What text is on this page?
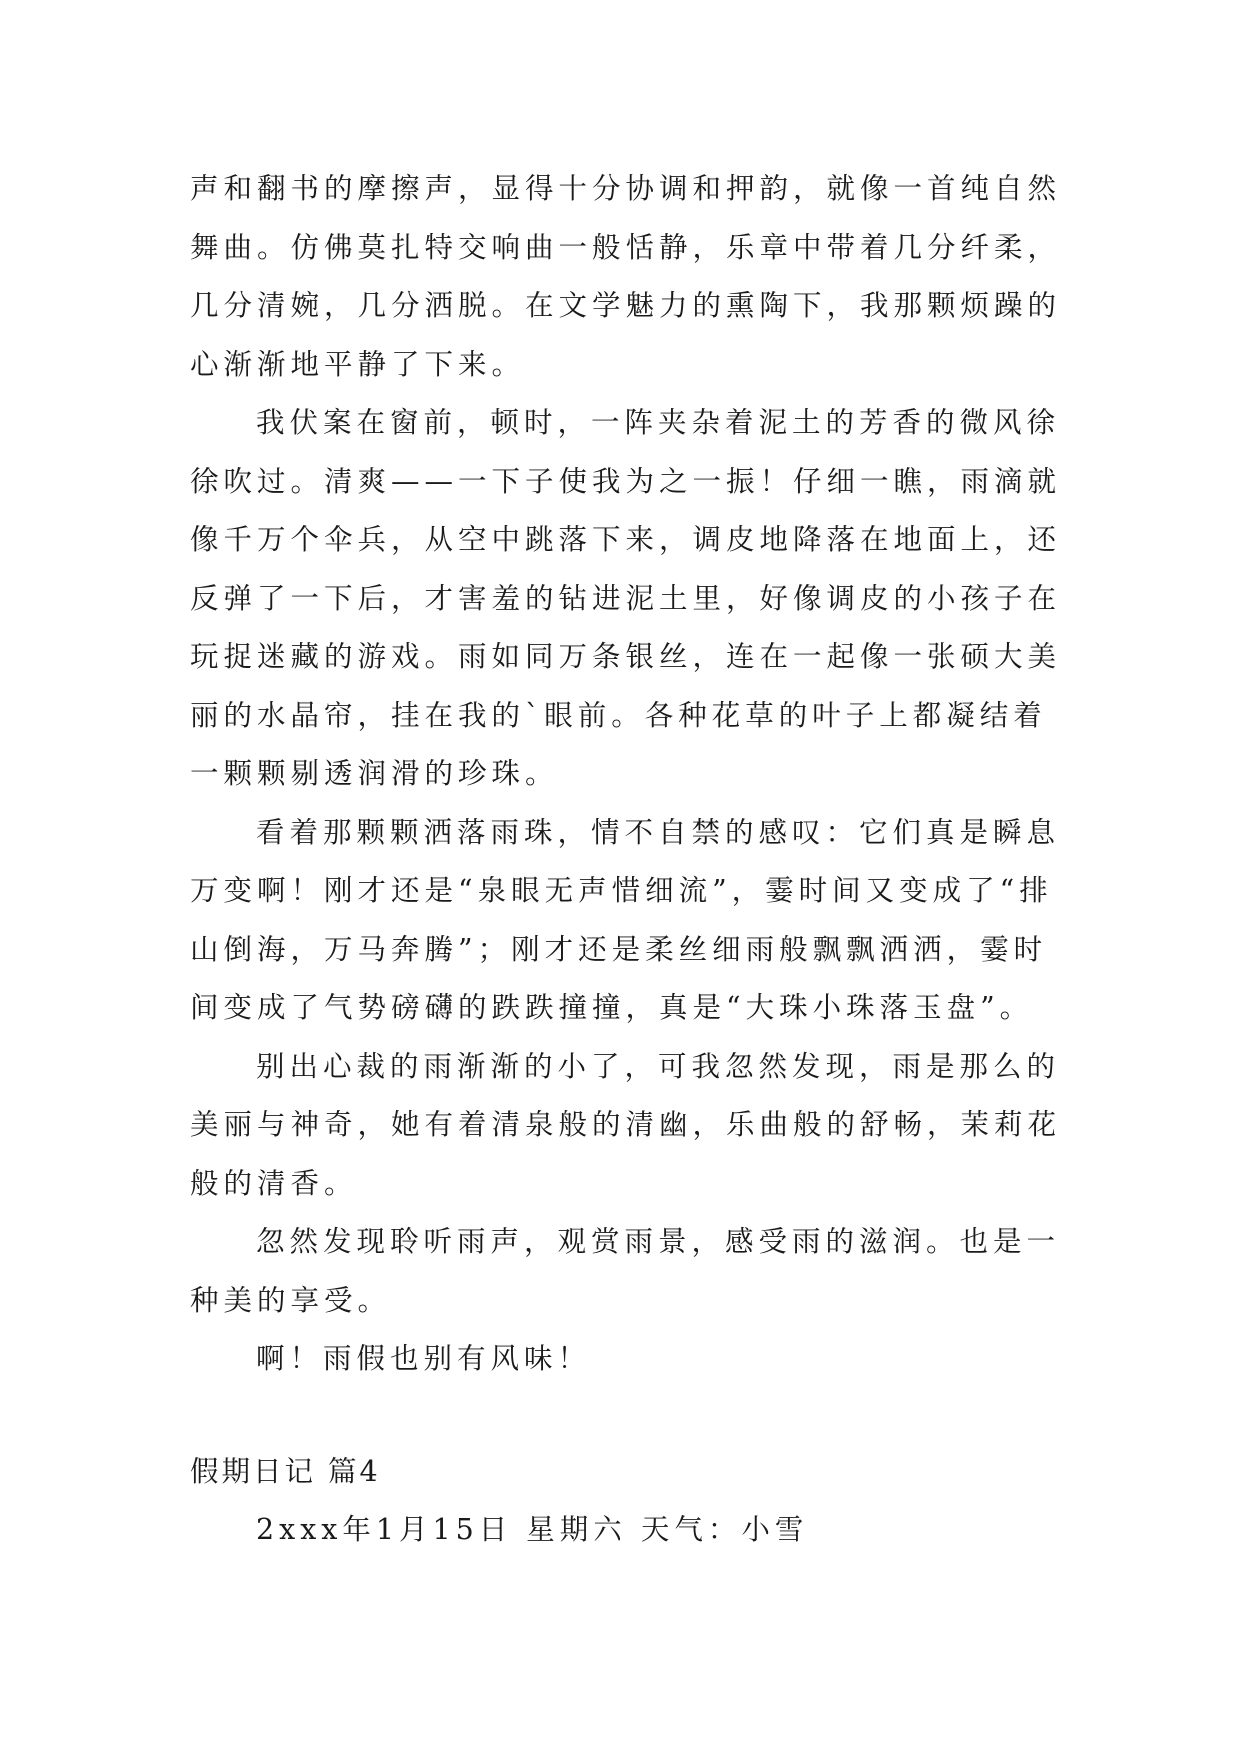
声和翻书的摩擦声，显得十分协调和押韵，就像一首纯自然
舞曲。仿佛莫扎特交响曲一般恬静，乐章中带着几分纤柔，
几分清婉，几分洒脱。在文学魅力的熏陶下，我那颗烦躁的
心渐渐地平静了下来。
我伏案在窗前，顿时，一阵夹杂着泥土的芳香的微风徐
徐吹过。清爽——一下子使我为之一振！仔细一瞧，雨滴就
像千万个伞兵，从空中跳落下来，调皮地降落在地面上，还
反弹了一下后，才害羞的钻进泥土里，好像调皮的小孩子在
玩捉迷藏的游戏。雨如同万条银丝，连在一起像一张硕大美
丽的水晶帘，挂在我的`眼前。各种花草的叶子上都凝结着
一颗颗剔透润滑的珍珠。
看着那颗颗洒落雨珠，情不自禁的感叹：它们真是瞬息
万变啊！刚才还是“泉眼无声惜细流”，霎时间又变成了“排
山倒海，万马奔腾”；刚才还是柔丝细雨般飘飘洒洒，霎时
间变成了气势磅礴的跌跌撞撞，真是“大珠小珠落玉盘”。
别出心裁的雨渐渐的小了，可我忽然发现，雨是那么的
美丽与神奇，她有着清泉般的清幽，乐曲般的舒畅，茉莉花
般的清香。
忽然发现聆听雨声，观赏雨景，感受雨的滋润。也是一
种美的享受。
啊！雨假也别有风味！
假期日记 篇4
2xxx年1月15日 星期六 天气：小雪
